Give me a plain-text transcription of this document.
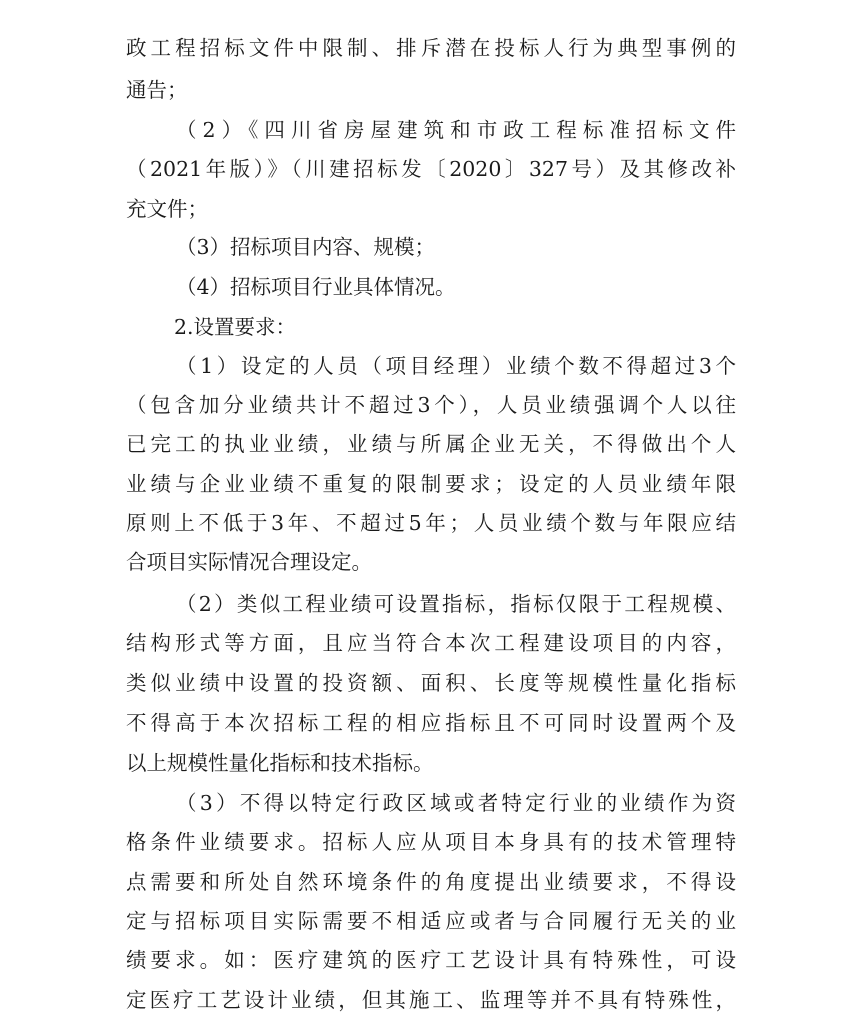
政工程招标文件中限制、排斥潜在投标人行为典型事例的
通告；
（2）《四川省房屋建筑和市政工程标准招标文件
（2021年版）》（川建招标发〔2020〕327号）及其修改补
充文件；
（3）招标项目内容、规模；
（4）招标项目行业具体情况。
2.设置要求：
（1）设定的人员（项目经理）业绩个数不得超过3个
（包含加分业绩共计不超过3个），人员业绩强调个人以往
已完工的执业业绩，业绩与所属企业无关，不得做出个人
业绩与企业业绩不重复的限制要求；设定的人员业绩年限
原则上不低于3年、不超过5年；人员业绩个数与年限应结
合项目实际情况合理设定。
（2）类似工程业绩可设置指标，指标仅限于工程规模、
结构形式等方面，且应当符合本次工程建设项目的内容，
类似业绩中设置的投资额、面积、长度等规模性量化指标
不得高于本次招标工程的相应指标且不可同时设置两个及
以上规模性量化指标和技术指标。
（3）不得以特定行政区域或者特定行业的业绩作为资
格条件业绩要求。招标人应从项目本身具有的技术管理特
点需要和所处自然环境条件的角度提出业绩要求，不得设
定与招标项目实际需要不相适应或者与合同履行无关的业
绩要求。如：医疗建筑的医疗工艺设计具有特殊性，可设
定医疗工艺设计业绩，但其施工、监理等并不具有特殊性，
